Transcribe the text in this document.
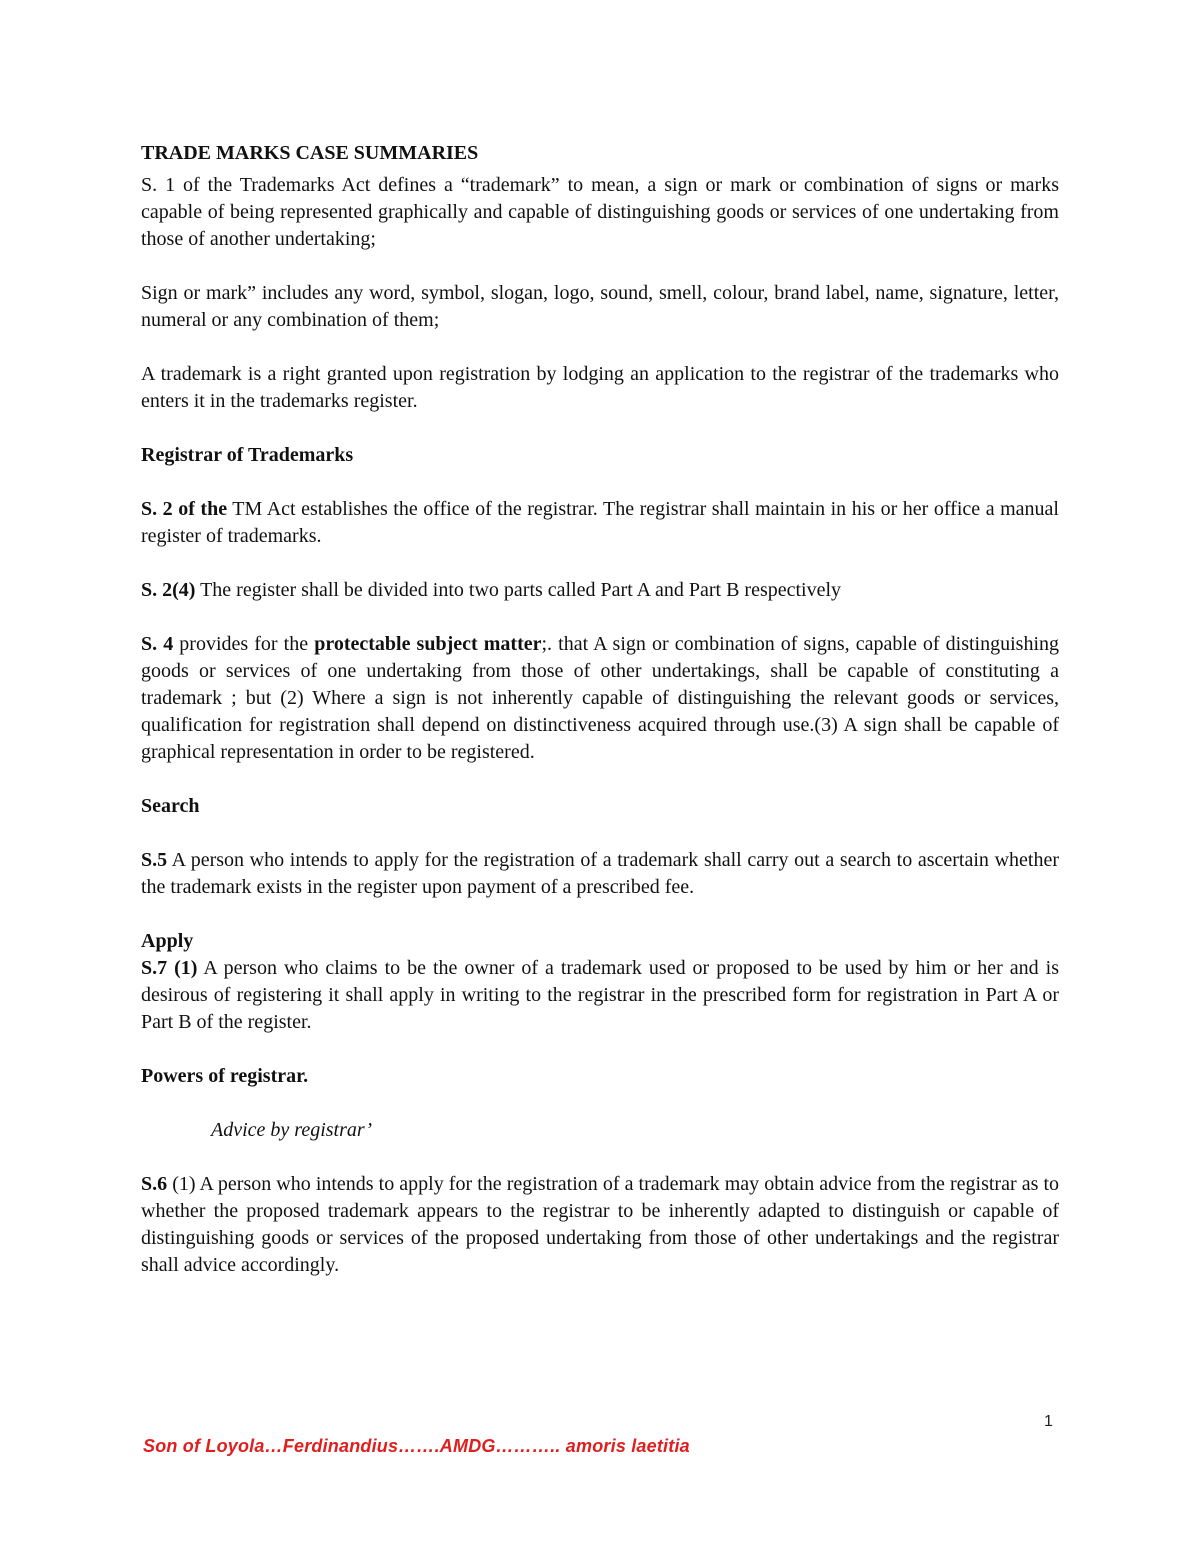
TRADE MARKS CASE SUMMARIES

S. 1 of the Trademarks Act defines a “trademark” to mean, a sign or mark or combination of signs or marks capable of being represented graphically and capable of distinguishing goods or services of one undertaking from those of another undertaking;

Sign or mark” includes any word, symbol, slogan, logo, sound, smell, colour, brand label, name, signature, letter, numeral or any combination of them;

A trademark is a right granted upon registration by lodging an application to the registrar of the trademarks who enters it in the trademarks register.

Registrar of Trademarks

S. 2 of the TM Act establishes the office of the registrar. The registrar shall maintain in his or her office a manual register of trademarks.

S. 2(4) The register shall be divided into two parts called Part A and Part B respectively

S. 4 provides for the protectable subject matter;. that A sign or combination of signs, capable of distinguishing goods or services of one undertaking from those of other undertakings, shall be capable of constituting a trademark ; but (2) Where a sign is not inherently capable of distinguishing the relevant goods or services, qualification for registration shall depend on distinctiveness acquired through use.(3) A sign shall be capable of graphical representation in order to be registered.

Search

S.5 A person who intends to apply for the registration of a trademark shall carry out a search to ascertain whether the trademark exists in the register upon payment of a prescribed fee.

Apply

S.7 (1) A person who claims to be the owner of a trademark used or proposed to be used by him or her and is desirous of registering it shall apply in writing to the registrar in the prescribed form for registration in Part A or Part B of the register.

Powers of registrar.

Advice by registrar’

S.6 (1) A person who intends to apply for the registration of a trademark may obtain advice from the registrar as to whether the proposed trademark appears to the registrar to be inherently adapted to distinguish or capable of distinguishing goods or services of the proposed undertaking from those of other undertakings and the registrar shall advice accordingly.

1
Son of Loyola…Ferdinandius…….AMDG……….. amoris laetitia
